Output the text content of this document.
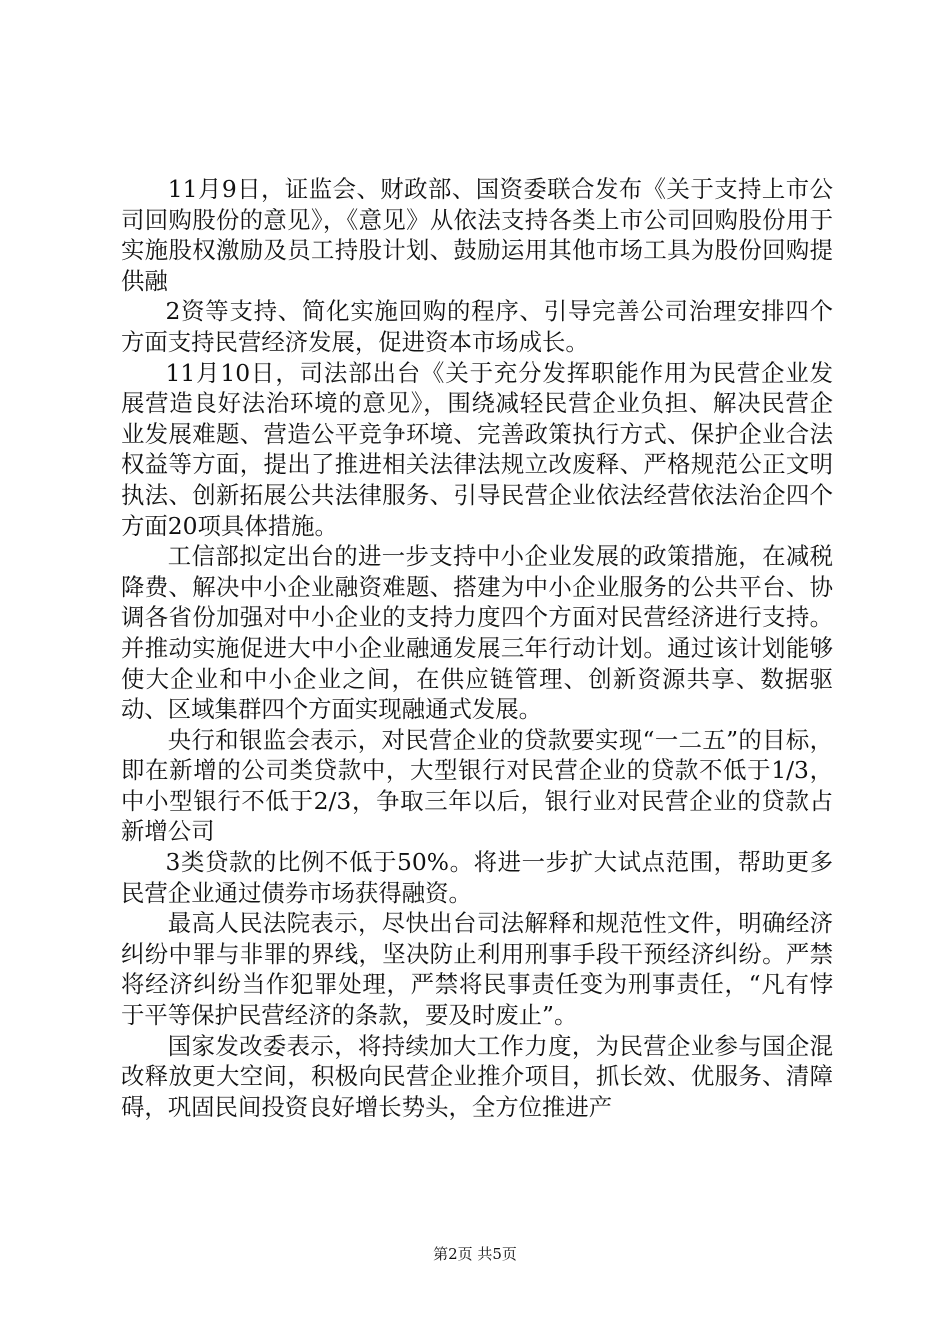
11月9日，证监会、财政部、国资委联合发布《关于支持上市公司回购股份的意见》，《意见》从依法支持各类上市公司回购股份用于实施股权激励及员工持股计划、鼓励运用其他市场工具为股份回购提供融

2资等支持、简化实施回购的程序、引导完善公司治理安排四个方面支持民营经济发展，促进资本市场成长。

11月10日，司法部出台《关于充分发挥职能作用为民营企业发展营造良好法治环境的意见》，围绕减轻民营企业负担、解决民营企业发展难题、营造公平竞争环境、完善政策执行方式、保护企业合法权益等方面，提出了推进相关法律法规立改废释、严格规范公正文明执法、创新拓展公共法律服务、引导民营企业依法经营依法治企四个方面20项具体措施。

工信部拟定出台的进一步支持中小企业发展的政策措施，在减税降费、解决中小企业融资难题、搭建为中小企业服务的公共平台、协调各省份加强对中小企业的支持力度四个方面对民营经济进行支持。并推动实施促进大中小企业融通发展三年行动计划。通过该计划能够使大企业和中小企业之间，在供应链管理、创新资源共享、数据驱动、区域集群四个方面实现融通式发展。

央行和银监会表示，对民营企业的贷款要实现“一二五”的目标，即在新增的公司类贷款中，大型银行对民营企业的贷款不低于1/3，中小型银行不低于2/3，争取三年以后，银行业对民营企业的贷款占新增公司

3类贷款的比例不低于50%。将进一步扩大试点范围，帮助更多民营企业通过债券市场获得融资。

最高人民法院表示，尽快出台司法解释和规范性文件，明确经济纠纷中罪与非罪的界线，坚决防止利用刑事手段干预经济纠纷。严禁将经济纠纷当作犯罪处理，严禁将民事责任变为刑事责任，“凡有悖于平等保护民营经济的条款，要及时废止”。

国家发改委表示，将持续加大工作力度，为民营企业参与国企混改释放更大空间，积极向民营企业推介项目，抓长效、优服务、清障碍，巩固民间投资良好增长势头，全方位推进产

第2页 共5页
